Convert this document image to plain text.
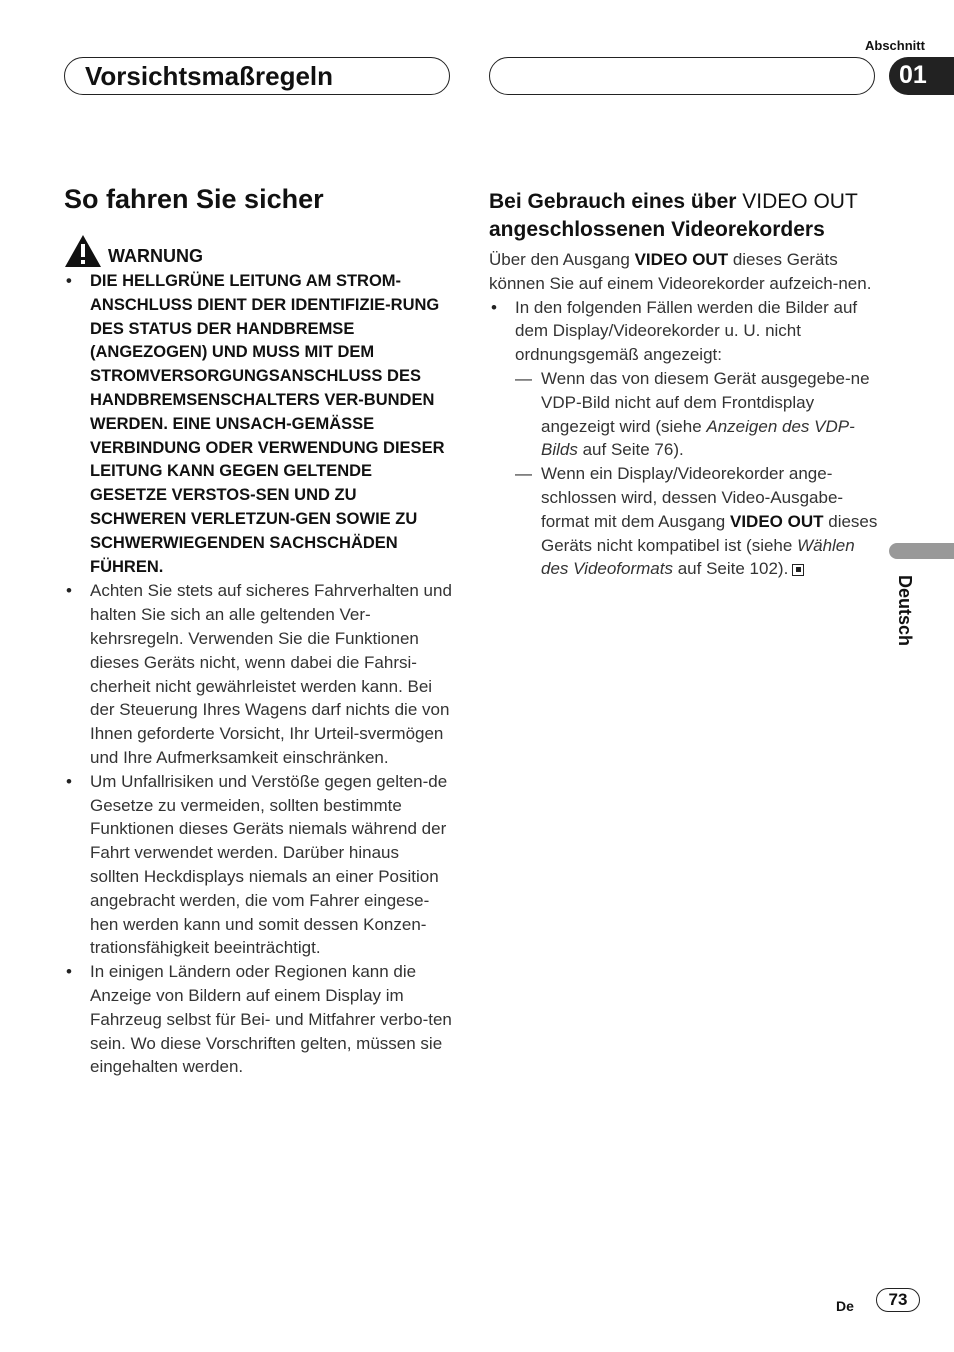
Abschnitt
Vorsichtsmaßregeln	01
So fahren Sie sicher
WARNUNG
• DIE HELLGRÜNE LEITUNG AM STROM-ANSCHLUSS DIENT DER IDENTIFIZIE-RUNG DES STATUS DER HANDBREMSE (ANGEZOGEN) UND MUSS MIT DEM STROMVERSORGUNGSANSCHLUSS DES HANDBREMSENSCHALTERS VER-BUNDEN WERDEN. EINE UNSACH-GEMÄSSE VERBINDUNG ODER VERWENDUNG DIESER LEITUNG KANN GEGEN GELTENDE GESETZE VERSTOS-SEN UND ZU SCHWEREN VERLETZUN-GEN SOWIE ZU SCHWERWIEGENDEN SACHSCHÄDEN FÜHREN.
• Achten Sie stets auf sicheres Fahrverhalten und halten Sie sich an alle geltenden Ver-kehrsregeln. Verwenden Sie die Funktionen dieses Geräts nicht, wenn dabei die Fahrsi-cherheit nicht gewährleistet werden kann. Bei der Steuerung Ihres Wagens darf nichts die von Ihnen geforderte Vorsicht, Ihr Urteil-svermögen und Ihre Aufmerksamkeit einschränken.
• Um Unfallrisiken und Verstöße gegen gelten-de Gesetze zu vermeiden, sollten bestimmte Funktionen dieses Geräts niemals während der Fahrt verwendet werden. Darüber hinaus sollten Heckdisplays niemals an einer Position angebracht werden, die vom Fahrer eingese-hen werden kann und somit dessen Konzen-trationsfähigkeit beeinträchtigt.
• In einigen Ländern oder Regionen kann die Anzeige von Bildern auf einem Display im Fahrzeug selbst für Bei- und Mitfahrer verbo-ten sein. Wo diese Vorschriften gelten, müssen sie eingehalten werden.
Bei Gebrauch eines über VIDEO OUT angeschlossenen Videorekorders
Über den Ausgang VIDEO OUT dieses Geräts können Sie auf einem Videorekorder aufzeich-nen.
• In den folgenden Fällen werden die Bilder auf dem Display/Videorekorder u. U. nicht ordnungsgemäß angezeigt:
— Wenn das von diesem Gerät ausgegebe-ne VDP-Bild nicht auf dem Frontdisplay angezeigt wird (siehe Anzeigen des VDP-Bilds auf Seite 76).
— Wenn ein Display/Videorekorder ange-schlossen wird, dessen Video-Ausgabe-format mit dem Ausgang VIDEO OUT dieses Geräts nicht kompatibel ist (siehe Wählen des Videoformats auf Seite 102).
Deutsch
De	73
